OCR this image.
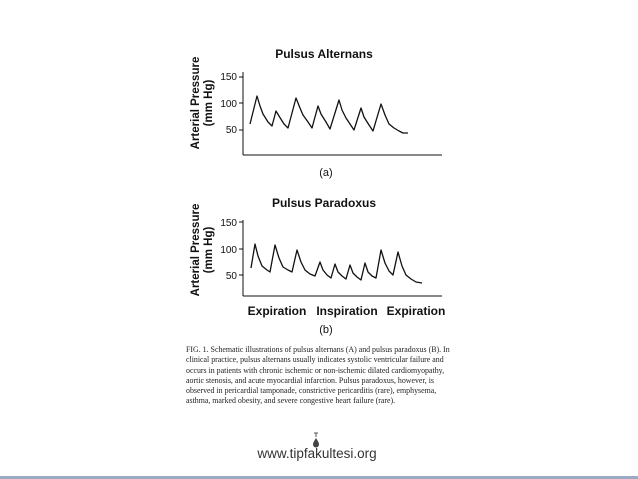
Pulsus Alternans
Arterial Pressure (mm Hg)
150
100
50
(a)
Pulsus Paradoxus
Arterial Pressure (mm Hg)
150
100
50
Expiration Inspiration Expiration
(b)

FIG. 1. Schematic illustrations of pulsus alternans (A) and pulsus paradoxus (B). In clinical practice, pulsus alternans usually indicates systolic ventricular failure and occurs in patients with chronic ischemic or non-ischemic dilated cardiomyopathy, aortic stenosis, and acute myocardial infarction. Pulsus paradoxus, however, is observed in pericardial tamponade, constrictive pericarditis (rare), emphysema, asthma, marked obesity, and severe congestive heart failure (rare).

www.tipfakultesi.org
